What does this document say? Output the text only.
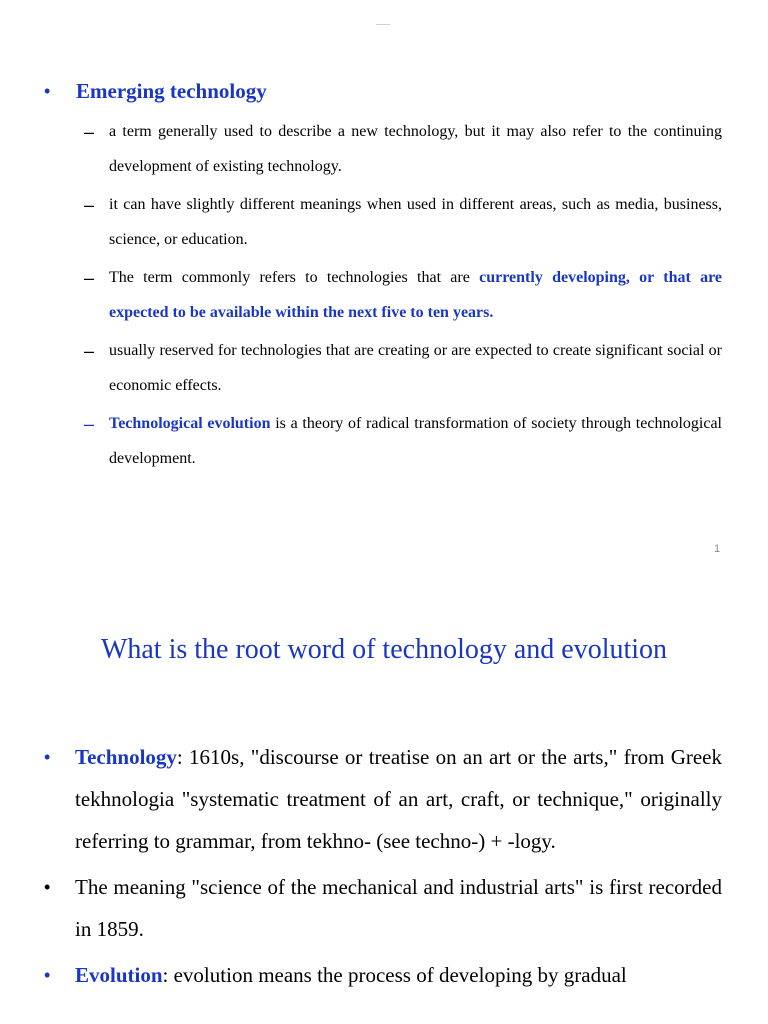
•	Emerging technology
– a term generally used to describe a new technology, but it may also refer to the continuing development of existing technology.
– it can have slightly different meanings when used in different areas, such as media, business, science, or education.
– The term commonly refers to technologies that are currently developing, or that are expected to be available within the next five to ten years.
– usually reserved for technologies that are creating or are expected to create significant social or economic effects.
– Technological evolution is a theory of radical transformation of society through technological development.
1
What is the root word of technology and evolution
•	Technology: 1610s, "discourse or treatise on an art or the arts," from Greek tekhnologia "systematic treatment of an art, craft, or technique," originally referring to grammar, from tekhno- (see techno-) + -logy.
•	The meaning "science of the mechanical and industrial arts" is first recorded in 1859.
•	Evolution: evolution means the process of developing by gradual
